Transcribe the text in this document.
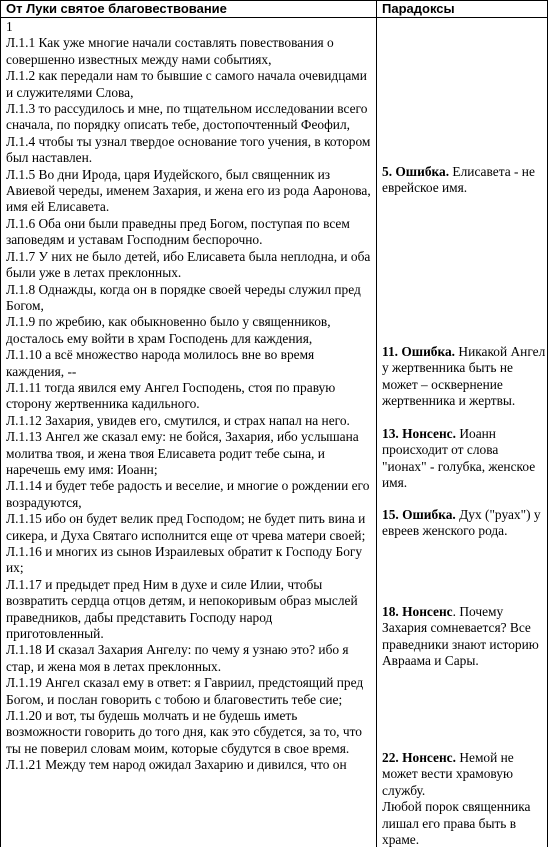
От Луки святое благовествование	Парадоксы
1
Л.1.1 Как уже многие начали составлять повествования о совершенно известных между нами событиях,
Л.1.2 как передали нам то бывшие с самого начала очевидцами и служителями Слова,
Л.1.3 то рассудилось и мне, по тщательном исследовании всего сначала, по порядку описать тебе, достопочтенный Феофил,
Л.1.4 чтобы ты узнал твердое основание того учения, в котором был наставлен.
Л.1.5 Во дни Ирода, царя Иудейского, был священник из Авиевой череды, именем Захария, и жена его из рода Ааронова, имя ей Елисавета.
Л.1.6 Оба они были праведны пред Богом, поступая по всем заповедям и уставам Господним беспорочно.
Л.1.7 У них не было детей, ибо Елисавета была неплодна, и оба были уже в летах преклонных.
Л.1.8 Однажды, когда он в порядке своей череды служил пред Богом,
Л.1.9 по жребию, как обыкновенно было у священников, досталось ему войти в храм Господень для каждения,
Л.1.10 а всё множество народа молилось вне во время каждения, --
Л.1.11 тогда явился ему Ангел Господень, стоя по правую сторону жертвенника кадильного.
Л.1.12 Захария, увидев его, смутился, и страх напал на него.
Л.1.13 Ангел же сказал ему: не бойся, Захария, ибо услышана молитва твоя, и жена твоя Елисавета родит тебе сына, и наречешь ему имя: Иоанн;
Л.1.14 и будет тебе радость и веселие, и многие о рождении его возрадуются,
Л.1.15 ибо он будет велик пред Господом; не будет пить вина и сикера, и Духа Святаго исполнится еще от чрева матери своей;
Л.1.16 и многих из сынов Израилевых обратит к Господу Богу их;
Л.1.17 и предыдет пред Ним в духе и силе Илии, чтобы возвратить сердца отцов детям, и непокоривым образ мыслей праведников, дабы представить Господу народ приготовленный.
Л.1.18 И сказал Захария Ангелу: по чему я узнаю это? ибо я стар, и жена моя в летах преклонных.
Л.1.19 Ангел сказал ему в ответ: я Гавриил, предстоящий пред Богом, и послан говорить с тобою и благовестить тебе сие;
Л.1.20 и вот, ты будешь молчать и не будешь иметь возможности говорить до того дня, как это сбудется, за то, что ты не поверил словам моим, которые сбудутся в свое время.
Л.1.21 Между тем народ ожидал Захарию и дивился, что он
5. Ошибка. Елисавета - не еврейское имя.
11. Ошибка. Никакой Ангел у жертвенника быть не может – осквернение жертвенника и жертвы.
13. Нонсенс. Иоанн происходит от слова "ионах" - голубка, женское имя.
15. Ошибка. Дух ("руах") у евреев женского рода.
18. Нонсенс. Почему Захария сомневается? Все праведники знают историю Авраама и Сары.
22. Нонсенс. Немой не может вести храмовую службу.
Любой порок священника лишал его права быть в храме.
